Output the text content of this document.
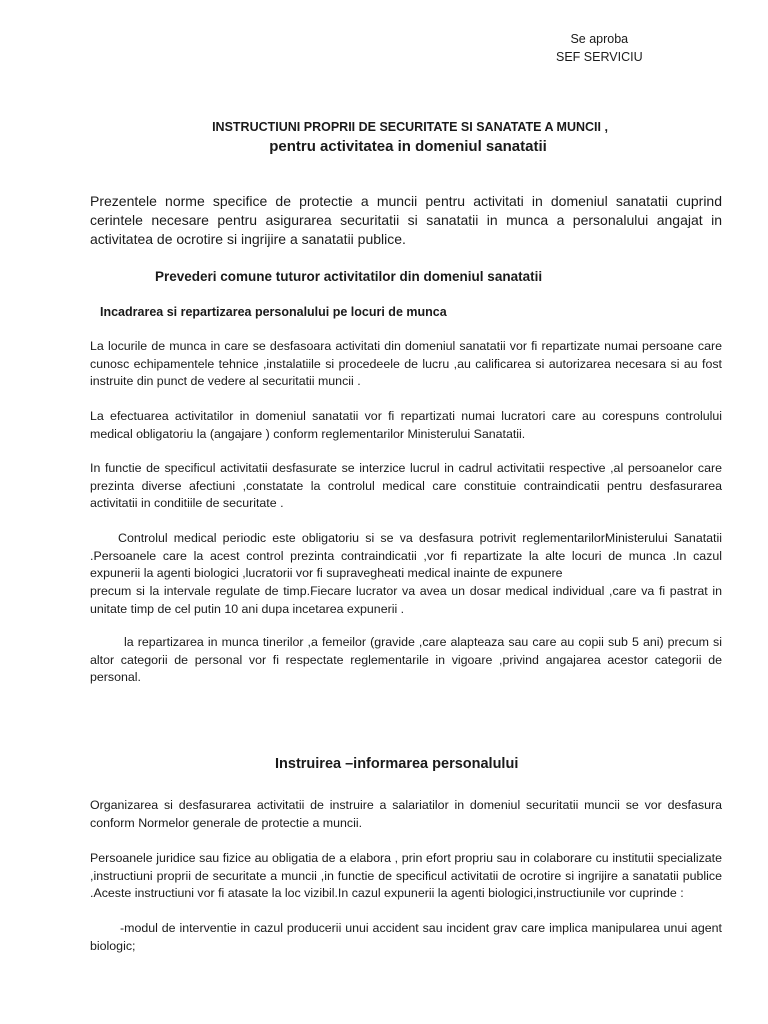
Se aproba
SEF SERVICIU
INSTRUCTIUNI PROPRII DE SECURITATE SI SANATATE A MUNCII ,
pentru activitatea in domeniul sanatatii

Prezentele norme specifice de protectie a muncii pentru activitati in domeniul sanatatii cuprind cerintele necesare pentru asigurarea securitatii si sanatatii in munca a personalului angajat in activitatea de ocrotire si ingrijire a sanatatii publice.

Prevederi comune tuturor activitatilor din domeniul sanatatii
Incadrarea si repartizarea personalului pe locuri de munca

La locurile de munca in care se desfasoara activitati din domeniul sanatatii vor fi repartizate numai persoane care cunosc echipamentele tehnice ,instalatiile si procedeele de lucru ,au calificarea si autorizarea necesara si au fost instruite din punct de vedere al securitatii muncii .

La efectuarea activitatilor in domeniul sanatatii vor fi repartizati numai lucratori care au corespuns controlului medical obligatoriu la (angajare ) conform reglementarilor Ministerului Sanatatii.

In functie de specificul activitatii desfasurate se interzice lucrul in cadrul activitatii respective ,al persoanelor care prezinta diverse afectiuni ,constatate la controlul medical care constituie contraindicatii pentru desfasurarea activitatii in conditiile de securitate .

Controlul medical periodic este obligatoriu si se va desfasura potrivit reglementarilorMinisterului Sanatatii .Persoanele care la acest control prezinta contraindicatii ,vor fi repartizate la alte locuri de munca .In cazul expunerii la agenti biologici ,lucratorii vor fi supravegheati medical inainte de expunere

precum si la intervale regulate de timp.Fiecare lucrator va avea un dosar medical individual ,care va fi pastrat in unitate timp de cel putin 10 ani dupa incetarea expunerii .

la repartizarea in munca tinerilor ,a femeilor (gravide ,care alapteaza sau care au copii sub 5 ani) precum si altor categorii de personal vor fi respectate reglementarile in vigoare ,privind angajarea acestor categorii de personal.

Instruirea –informarea personalului

Organizarea si desfasurarea activitatii de instruire a salariatilor in domeniul securitatii muncii se vor desfasura conform Normelor generale de protectie a muncii.

Persoanele juridice sau fizice au obligatia de a elabora , prin efort propriu sau in colaborare cu institutii specializate ,instructiuni proprii de securitate a muncii ,in functie de specificul activitatii de ocrotire si ingrijire a sanatatii publice .Aceste instructiuni vor fi atasate la loc vizibil.In cazul expunerii la agenti biologici,instructiunile vor cuprinde :

-modul de interventie in cazul producerii unui accident sau incident grav care implica manipularea unui agent biologic;
